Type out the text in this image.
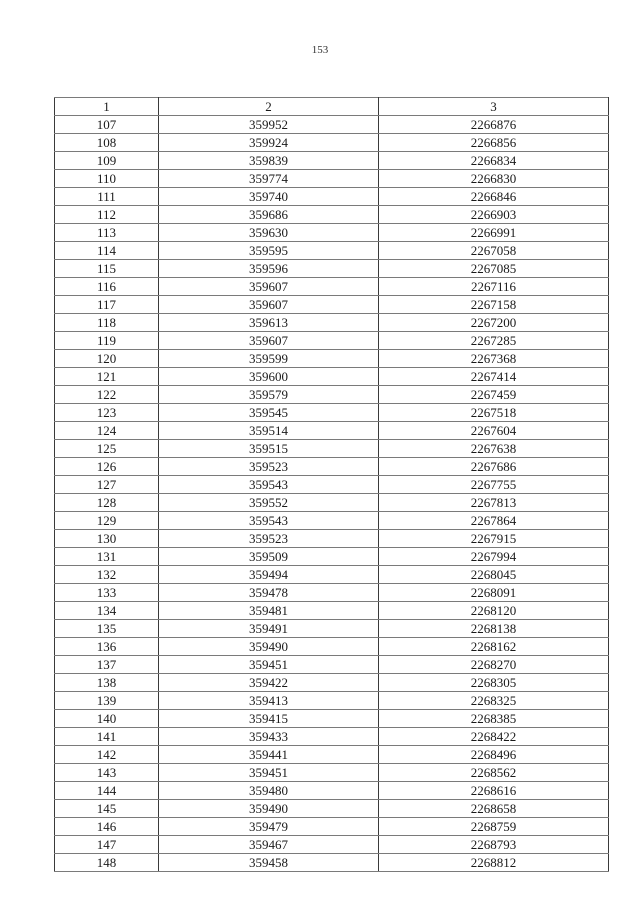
153
1	2	3
107	359952	2266876
108	359924	2266856
109	359839	2266834
110	359774	2266830
111	359740	2266846
112	359686	2266903
113	359630	2266991
114	359595	2267058
115	359596	2267085
116	359607	2267116
117	359607	2267158
118	359613	2267200
119	359607	2267285
120	359599	2267368
121	359600	2267414
122	359579	2267459
123	359545	2267518
124	359514	2267604
125	359515	2267638
126	359523	2267686
127	359543	2267755
128	359552	2267813
129	359543	2267864
130	359523	2267915
131	359509	2267994
132	359494	2268045
133	359478	2268091
134	359481	2268120
135	359491	2268138
136	359490	2268162
137	359451	2268270
138	359422	2268305
139	359413	2268325
140	359415	2268385
141	359433	2268422
142	359441	2268496
143	359451	2268562
144	359480	2268616
145	359490	2268658
146	359479	2268759
147	359467	2268793
148	359458	2268812
